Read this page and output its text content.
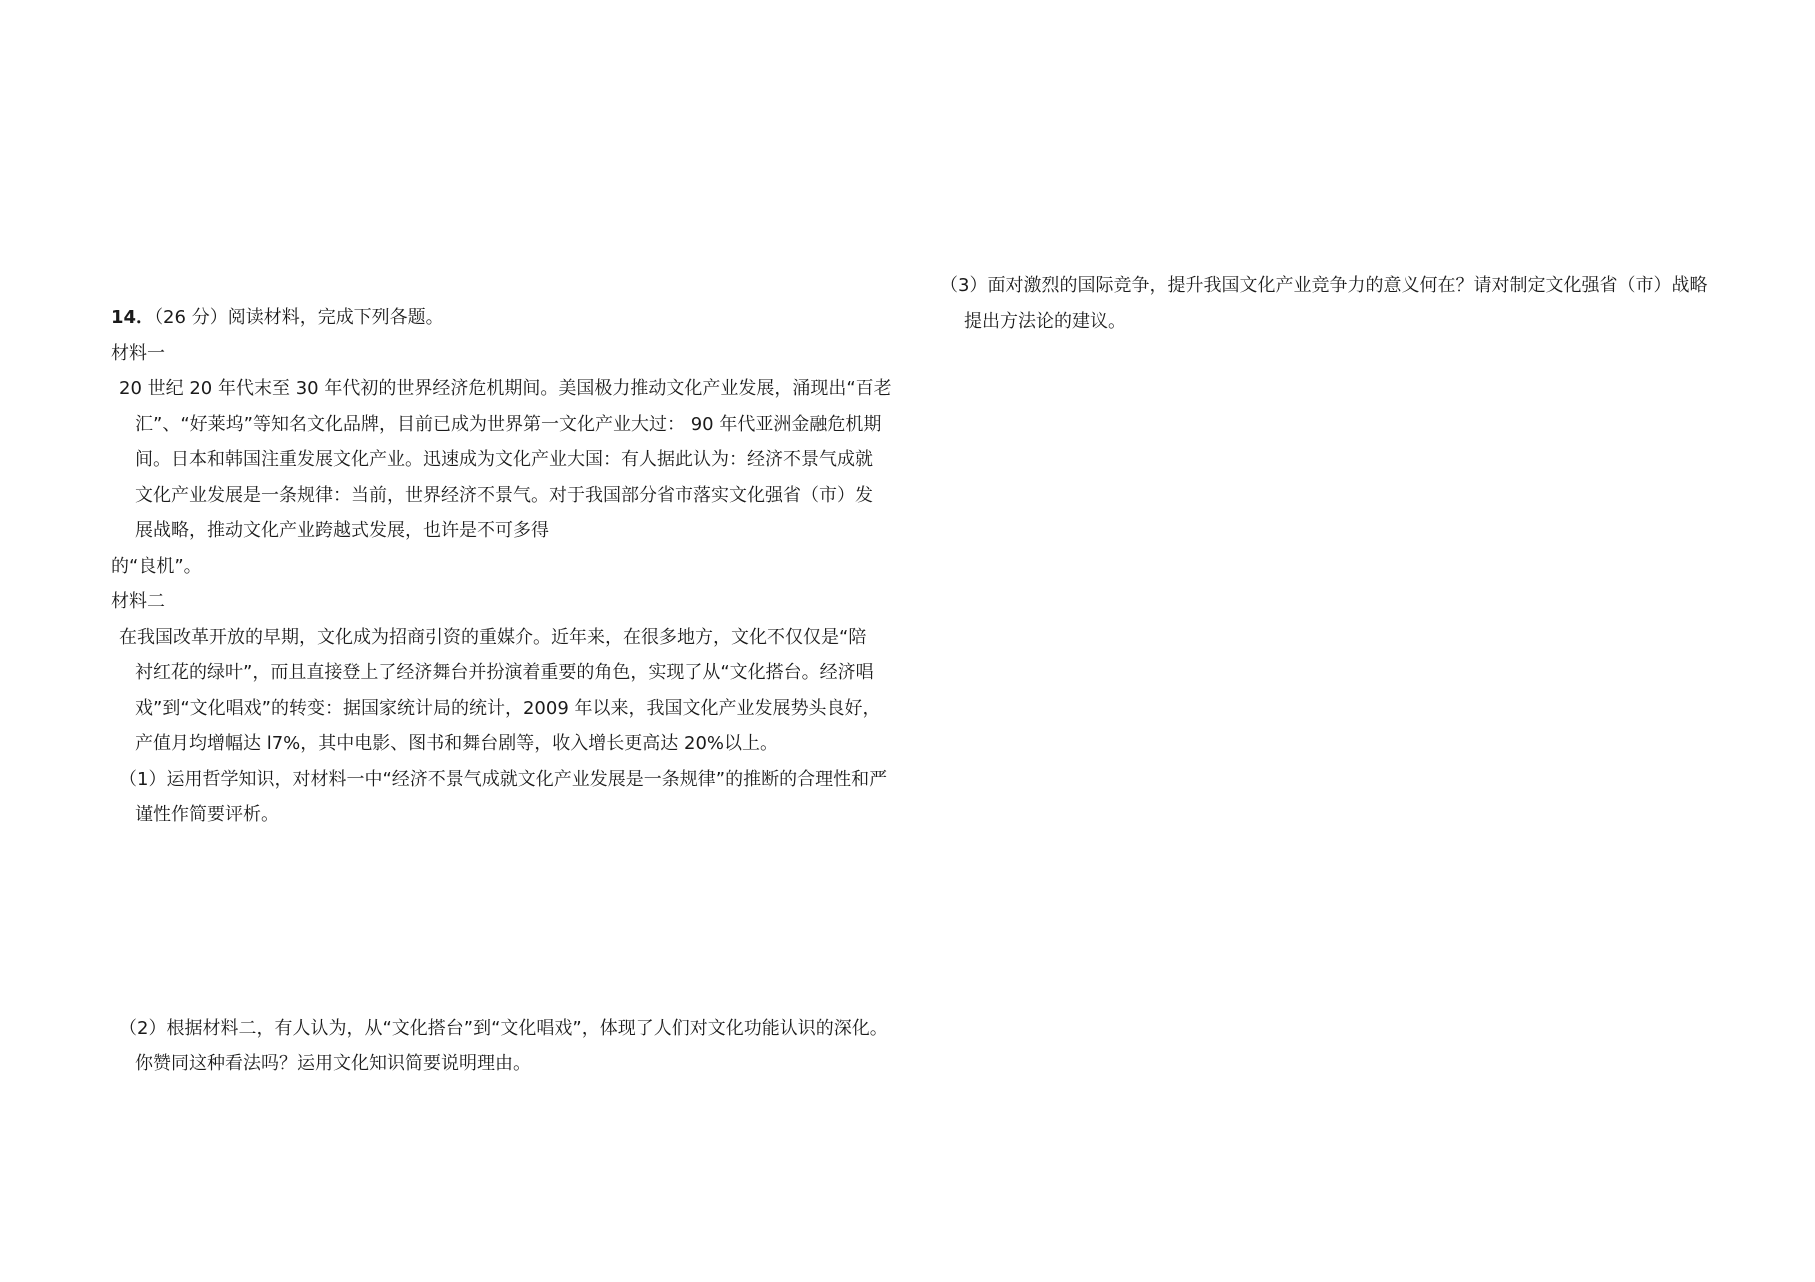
14．（26 分）阅读材料，完成下列各题。
材料一
20 世纪 20 年代末至 30 年代初的世界经济危机期间。美国极力推动文化产业发展，涌现出“百老
汇”、“好莱坞”等知名文化品牌，目前已成为世界第一文化产业大过： 90 年代亚洲金融危机期
间。日本和韩国注重发展文化产业。迅速成为文化产业大国：有人据此认为：经济不景气成就
文化产业发展是一条规律：当前，世界经济不景气。对于我国部分省市落实文化强省（市）发
展战略，推动文化产业跨越式发展，也许是不可多得
的“良机”。
材料二
在我国改革开放的早期，文化成为招商引资的重媒介。近年来，在很多地方，文化不仅仅是“陪
衬红花的绿叶”，而且直接登上了经济舞台并扮演着重要的角色，实现了从“文化搭台。经济唱
戏”到“文化唱戏”的转变：据国家统计局的统计，2009 年以来，我国文化产业发展势头良好，
产值月均增幅达 l7%，其中电影、图书和舞台剧等，收入增长更高达 20%以上。
（1）运用哲学知识，对材料一中“经济不景气成就文化产业发展是一条规律”的推断的合理性和严
谨性作简要评析。
（2）根据材料二，有人认为，从“文化搭台”到“文化唱戏”，体现了人们对文化功能认识的深化。
你赞同这种看法吗？运用文化知识简要说明理由。
（3）面对激烈的国际竞争，提升我国文化产业竞争力的意义何在？请对制定文化强省（市）战略
提出方法论的建议。
